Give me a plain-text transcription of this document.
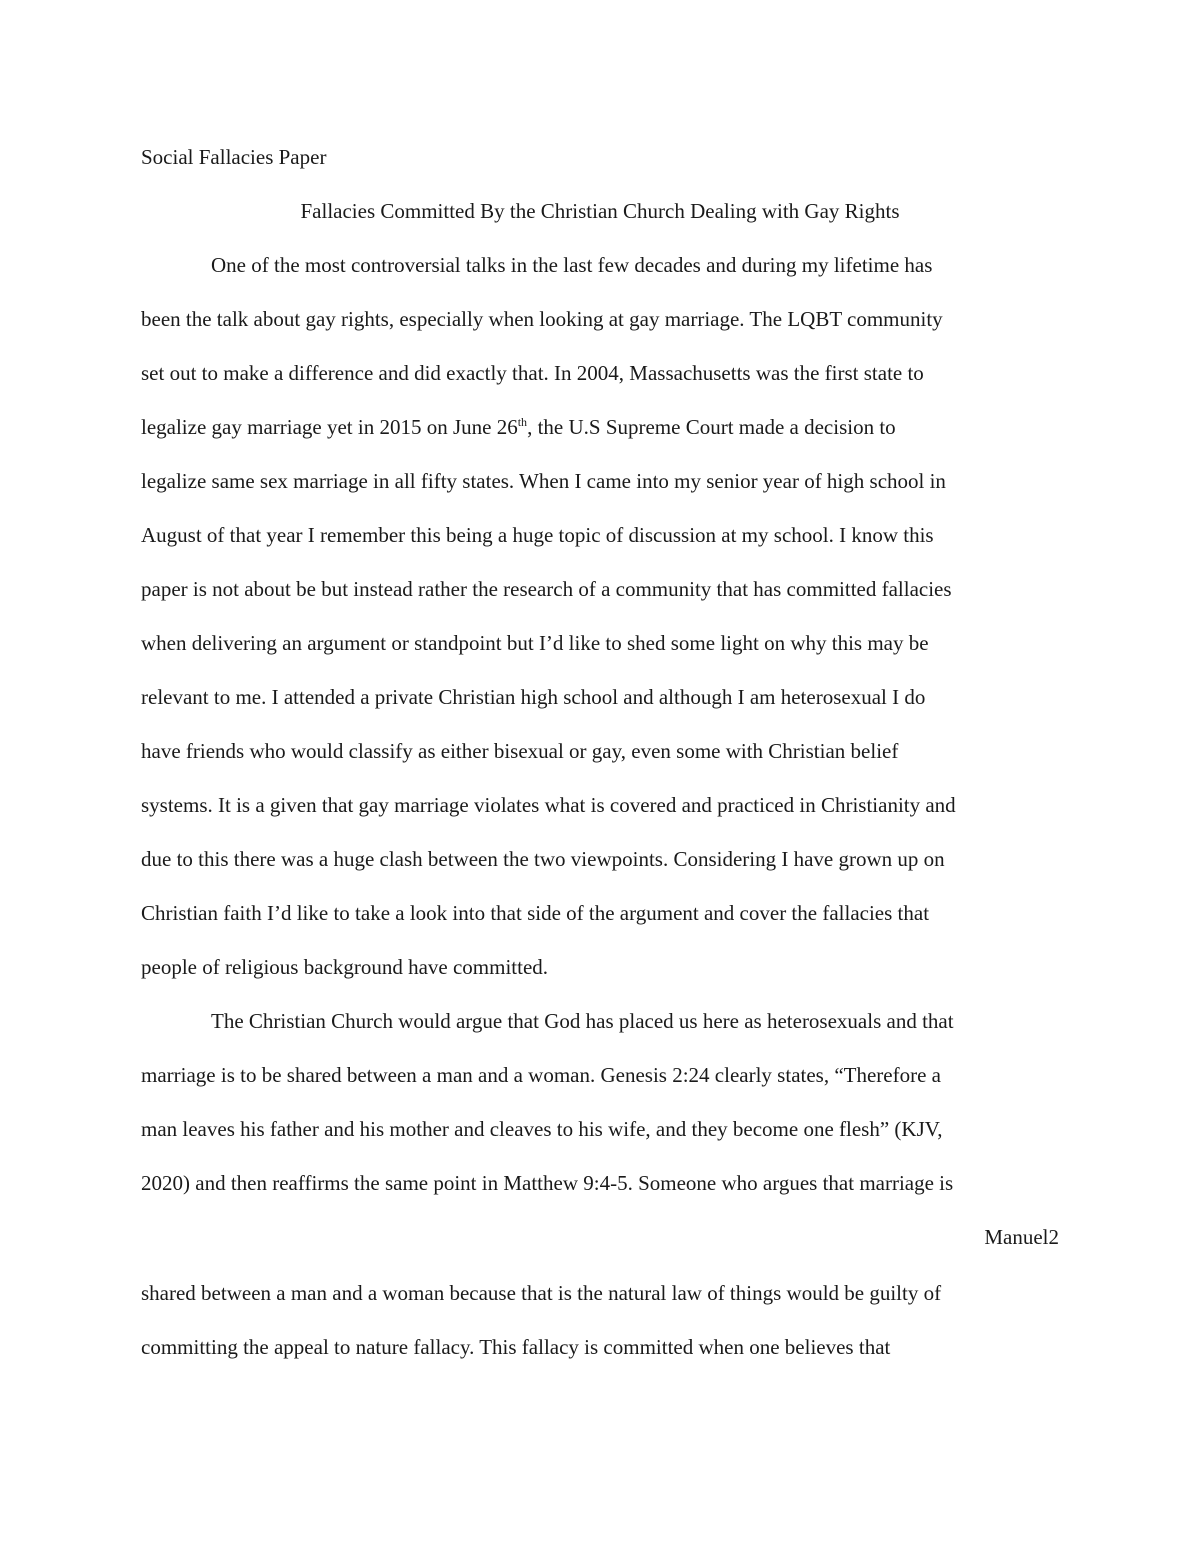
Social Fallacies Paper
Fallacies Committed By the Christian Church Dealing with Gay Rights
One of the most controversial talks in the last few decades and during my lifetime has
been the talk about gay rights, especially when looking at gay marriage. The LQBT community
set out to make a difference and did exactly that. In 2004, Massachusetts was the first state to
legalize gay marriage yet in 2015 on June 26th, the U.S Supreme Court made a decision to
legalize same sex marriage in all fifty states. When I came into my senior year of high school in
August of that year I remember this being a huge topic of discussion at my school. I know this
paper is not about be but instead rather the research of a community that has committed fallacies
when delivering an argument or standpoint but I’d like to shed some light on why this may be
relevant to me. I attended a private Christian high school and although I am heterosexual I do
have friends who would classify as either bisexual or gay, even some with Christian belief
systems. It is a given that gay marriage violates what is covered and practiced in Christianity and
due to this there was a huge clash between the two viewpoints. Considering I have grown up on
Christian faith I’d like to take a look into that side of the argument and cover the fallacies that
people of religious background have committed.
The Christian Church would argue that God has placed us here as heterosexuals and that
marriage is to be shared between a man and a woman. Genesis 2:24 clearly states, “Therefore a
man leaves his father and his mother and cleaves to his wife, and they become one flesh” (KJV,
2020) and then reaffirms the same point in Matthew 9:4-5. Someone who argues that marriage is
Manuel2
shared between a man and a woman because that is the natural law of things would be guilty of
committing the appeal to nature fallacy. This fallacy is committed when one believes that
